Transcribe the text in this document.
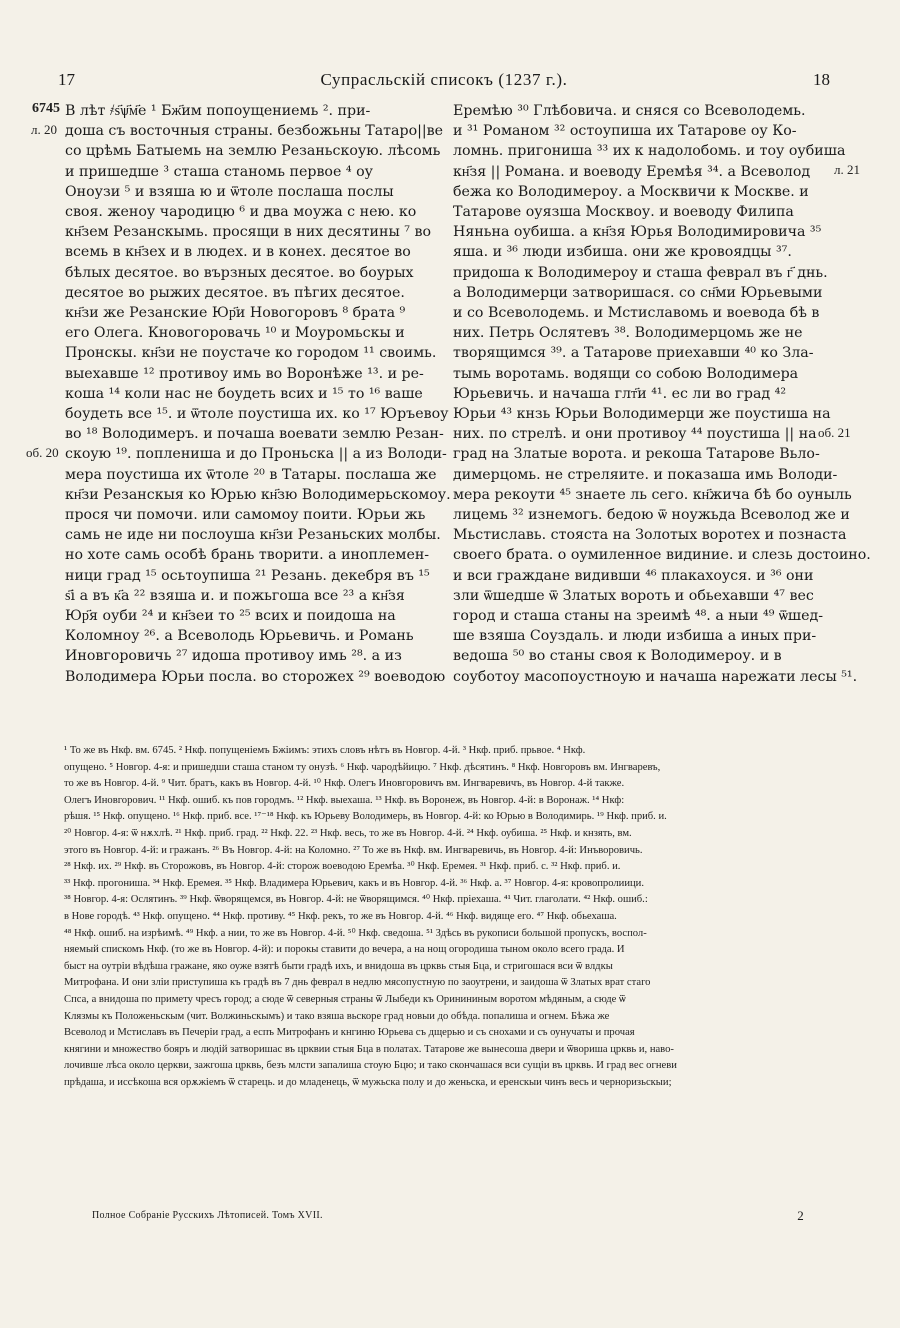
17	Супрасльскій списокъ (1237 г.).	18
6745
л. 20
об. 20
л. 21
об. 21
В лѣт ҂ѕ҃ѱ҃м҃е ¹ Бж҃им попоущениемь ². при-
доша съ восточныя страны. безбожьны Татаро||ве
со црѣмь Батыемь на землю Резаньскоую. лѣсомь
и пришедше ³ сташа станомь первое ⁴ оу
Оноузи ⁵ и взяша ю и ѿтоле послаша послы
своя. женоу чародицю ⁶ и два моужа с нею. ко
кн҃зем Резанскымь. просящи в них десятины ⁷ во
всемь в кн҃зех и в людех. и в конех. десятое во
бѣлых десятое. во вързных десятое. во боурых
десятое во рыжих десятое. въ пѣгих десятое.
кн҃зи же Резанские Юр҃и Новогоровъ ⁸ брата ⁹
его Олега. Кновогоровачь ¹⁰ и Моуромьскы и
Пронскы. кн҃зи не поустаче ко городом ¹¹ своимь.
выехавше ¹² противоу имь во Воронѣже ¹³. и ре-
коша ¹⁴ коли нас не боудеть всих и ¹⁵ то ¹⁶ ваше
боудеть все ¹⁵. и ѿтоле поустиша их. ко ¹⁷ Юръевоу
во ¹⁸ Володимеръ. и почаша воевати землю Резан-
скоую ¹⁹. поплениша и до Проньска || а из Володи-
мера поустиша их ѿтоле ²⁰ в Татары. послаша же
кн҃зи Резанскыя ко Юрью кн҃зю Володимерьскомоу.
прося чи помочи. или самомоу поити. Юрьи жь
самь не иде ни послоуша кн҃зи Резаньских молбы.
но хоте самь особѣ брань творити. а иноплемен-
ници град ¹⁵ осьтоупиша ²¹ Резань. декебря въ ¹⁵
ѕ҃і а въ к҃а ²² взяша и. и пожьгоша все ²³ а кн҃зя
Юр҃я оуби ²⁴ и кн҃зеи то ²⁵ всих и поидоша на
Коломноу ²⁶. а Всеволодь Юрьевичь. и Романь
Иновгоровичь ²⁷ идоша противоу имь ²⁸. а из
Володимера Юрьи посла. во сторожех ²⁹ воеводою
Еремѣю ³⁰ Глѣбовича. и сняся со Всеволодемь.
и ³¹ Романом ³² остоупиша их Татарове оу Ко-
ломнь. пригониша ³³ их к надолобомь. и тоу оубиша
кн҃зя || Романа. и воеводу Еремѣя ³⁴. а Всеволод
бежа ко Володимероу. а Москвичи к Москве. и
Татарове оуязша Москвоу. и воеводу Филипа
Няньна оубиша. а кн҃зя Юрья Володимировича ³⁵
яша. и ³⁶ люди избиша. они же кровоядцы ³⁷.
придоша к Володимероу и сташа феврал въ г҃ днь.
а Володимерци затворишася. со сн҃ми Юрьевыми
и со Всеволодемь. и Мстиславомь и воевода бѣ в
них. Петрь Ослятевъ ³⁸. Володимерцомь же не
творящимся ³⁹. а Татарове приехавши ⁴⁰ ко Зла-
тымь воротамь. водящи со собою Володимера
Юрьевичь. и начаша глт҃и ⁴¹. ес ли во град ⁴²
Юрьи ⁴³ кнзь Юрьи Володимерци же поустиша на
них. по стрелѣ. и они противоу ⁴⁴ поустиша || на
град на Златые ворота. и рекоша Татарове Вьло-
димерцомь. не стреляите. и показаша имь Володи-
мера рекоути ⁴⁵ знаете ль сего. кн҃жича бѣ бо оуныль
лицемь ³² изнемогь. бедою ѿ ноужьда Всеволод же и
Мьстиславь. стояста на Золотых воротех и познаста
своего брата. о оумиленное видиние. и слезь достоино.
и вси граждане видивши ⁴⁶ плакахоуся. и ³⁶ они
зли ѿшедше ѿ Златых вороть и обьехавши ⁴⁷ вес
город и сташа станы на зреимѣ ⁴⁸. а ныи ⁴⁹ ѿшед-
ше взяша Соуздаль. и люди избиша а иных при-
ведоша ⁵⁰ во станы своя к Володимероу. и в
соуботоу масопоустноую и начаша нарежати лесы ⁵¹.
¹ То же въ Нкф. вм. 6745. ² Нкф. попущеніемъ Бжіимъ: этихъ словъ нѣтъ въ Новгор. 4-й. ³ Нкф. приб. прьвое. ⁴ Нкф.
опущено. ⁵ Новгор. 4-я: и пришедши сташа станом ту онузѣ. ⁶ Нкф. чародѣйицю. ⁷ Нкф. дѣсятинъ. ⁸ Нкф. Новгоровъ вм. Ингваревъ,
то же въ Новгор. 4-й. ⁹ Чит. братъ, какъ въ Новгор. 4-й. ¹⁰ Нкф. Олегъ Иновгоровичъ вм. Ингваревичъ, въ Новгор. 4-й также.
Олегъ Иновгорович. ¹¹ Нкф. ошиб. къ пов городмъ. ¹² Нкф. выехаша. ¹³ Нкф. въ Воронеж, въ Новгор. 4-й: в Воронаж. ¹⁴ Нкф:
рѣшя. ¹⁵ Нкф. опущено. ¹⁶ Нкф. приб. все. ¹⁷⁻¹⁸ Нкф. къ Юрьеву Володимерь, въ Новгор. 4-й: ко Юрью в Володимирь. ¹⁹ Нкф. приб. и.
²⁰ Новгор. 4-я: ѿ нѫхлѣ. ²¹ Нкф. приб. град. ²² Нкф. 22. ²³ Нкф. весь, то же въ Новгор. 4-й. ²⁴ Нкф. оубиша. ²⁵ Нкф. и кнзять, вм.
этого въ Новгор. 4-й: и гражанъ. ²⁶ Въ Новгор. 4-й: на Коломно. ²⁷ То же въ Нкф. вм. Ингваревичь, въ Новгор. 4-й: Инъворовичь.
²⁸ Нкф. их. ²⁹ Нкф. въ Сторожовъ, въ Новгор. 4-й: сторож воеводою Еремѣа. ³⁰ Нкф. Еремея. ³¹ Нкф. приб. с. ³² Нкф. приб. и.
³³ Нкф. прогониша. ³⁴ Нкф. Еремея. ³⁵ Нкф. Владимера Юрьевич, какъ и въ Новгор. 4-й. ³⁶ Нкф. а. ³⁷ Новгор. 4-я: кровопролиици.
³⁸ Новгор. 4-я: Ослятинъ. ³⁹ Нкф. ѿворящемся, въ Новгор. 4-й: не ѿворящимся. ⁴⁰ Нкф. пріехаша. ⁴¹ Чит. глаголати. ⁴² Нкф. ошиб.:
в Нове городѣ. ⁴³ Нкф. опущено. ⁴⁴ Нкф. противу. ⁴⁵ Нкф. рекъ, то же въ Новгор. 4-й. ⁴⁶ Нкф. видяще его. ⁴⁷ Нкф. обьехаша.
⁴⁸ Нкф. ошиб. на изрѣимѣ. ⁴⁹ Нкф. а нии, то же въ Новгор. 4-й. ⁵⁰ Нкф. сведоша. ⁵¹ Здѣсь въ рукописи большой пропускъ, воспол-
няемый спискомъ Нкф. (то же въ Новгор. 4-й): и порокы ставити до вечера, а на нощ огородиша тыном около всего града. И
быст на оутріи вѣдѣша гражане, яко оуже взятѣ быти градѣ ихъ, и внидоша въ црквь стыя Бца, и стригошася вси ѿ влдкы
Митрофана. И они зліи приступиша къ градѣ въ 7 днь феврал в недлю мясопустную по заоутрени, и заидоша ѿ Златых врат стаго
Спса, а внидоша по примету чресъ город; а сюде ѿ северныя страны ѿ Лыбеди къ Оринининым воротом мѣдяным, а сюде ѿ
Клязмы къ Положеньскым (чит. Волжиньскымъ) и тако взяша вьскоре град новыи до обѣда. попалиша и огнем. Бѣжа же
Всеволод и Мстиславъ въ Печеріи град, а еспъ Митрофанъ и кнгиню Юрьева съ дщерью и съ снохами и съ оунучаты и прочая
княгини и множество бояръ и людій затворишас въ црквии стыя Бца в полатах. Татарове же вынесоша двери и ѿвориша црквь и, наво-
лочивше лѣса около церкви, зажгоша црквь, безъ млсти запалиша стоую Бцю; и тако скончашася вси сущіи въ црквь. И град вес огневи
прѣдаша, и иссѣкоша вся орѫжіемъ ѿ старець. и до младенець, ѿ мужьска полу и до женьска, и еренскыи чинъ весь и черноризьскыи;
Полное Собраніе Русскихъ Лѣтописей. Томъ XVII.	2
